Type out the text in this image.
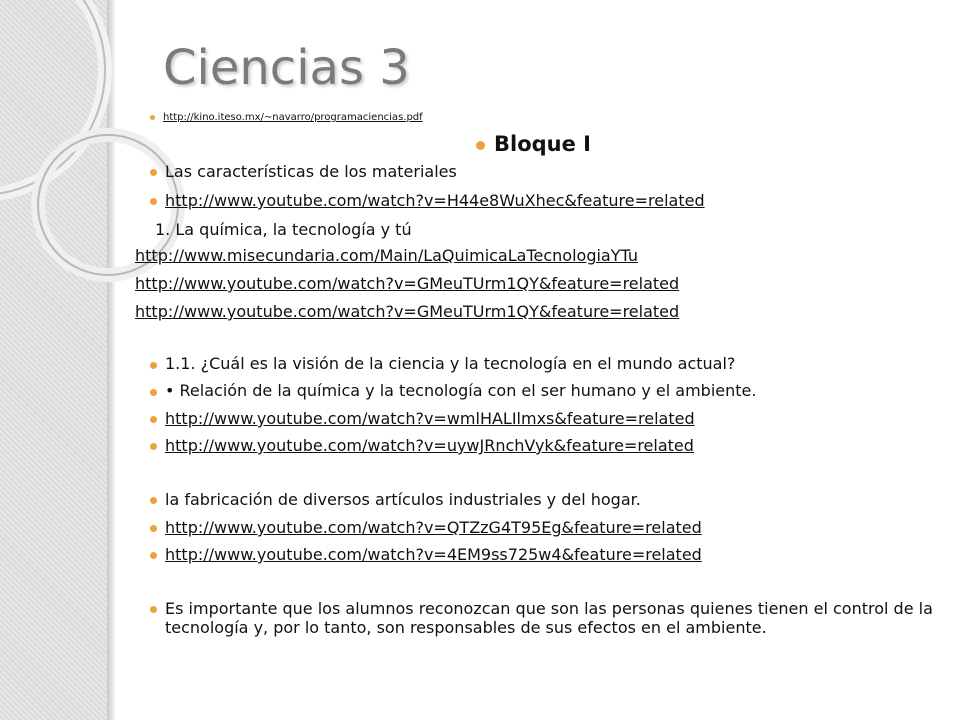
Ciencias 3
http://kino.iteso.mx/~navarro/programaciencias.pdf
Bloque I
Las características de los materiales
http://www.youtube.com/watch?v=H44e8WuXhec&feature=related
1. La química, la tecnología y tú
http://www.misecundaria.com/Main/LaQuimicaLaTecnologiaYTu
http://www.youtube.com/watch?v=GMeuTUrm1QY&feature=related
http://www.youtube.com/watch?v=GMeuTUrm1QY&feature=related
1.1. ¿Cuál es la visión de la ciencia y la tecnología en el mundo actual?
• Relación de la química y la tecnología con el ser humano y el ambiente.
http://www.youtube.com/watch?v=wmlHALIlmxs&feature=related
http://www.youtube.com/watch?v=uywJRnchVyk&feature=related
la fabricación de diversos artículos industriales y del hogar.
http://www.youtube.com/watch?v=QTZzG4T95Eg&feature=related
http://www.youtube.com/watch?v=4EM9ss725w4&feature=related
Es importante que los alumnos reconozcan que son las personas quienes tienen el control de la tecnología y, por lo tanto, son responsables de sus efectos en el ambiente.
